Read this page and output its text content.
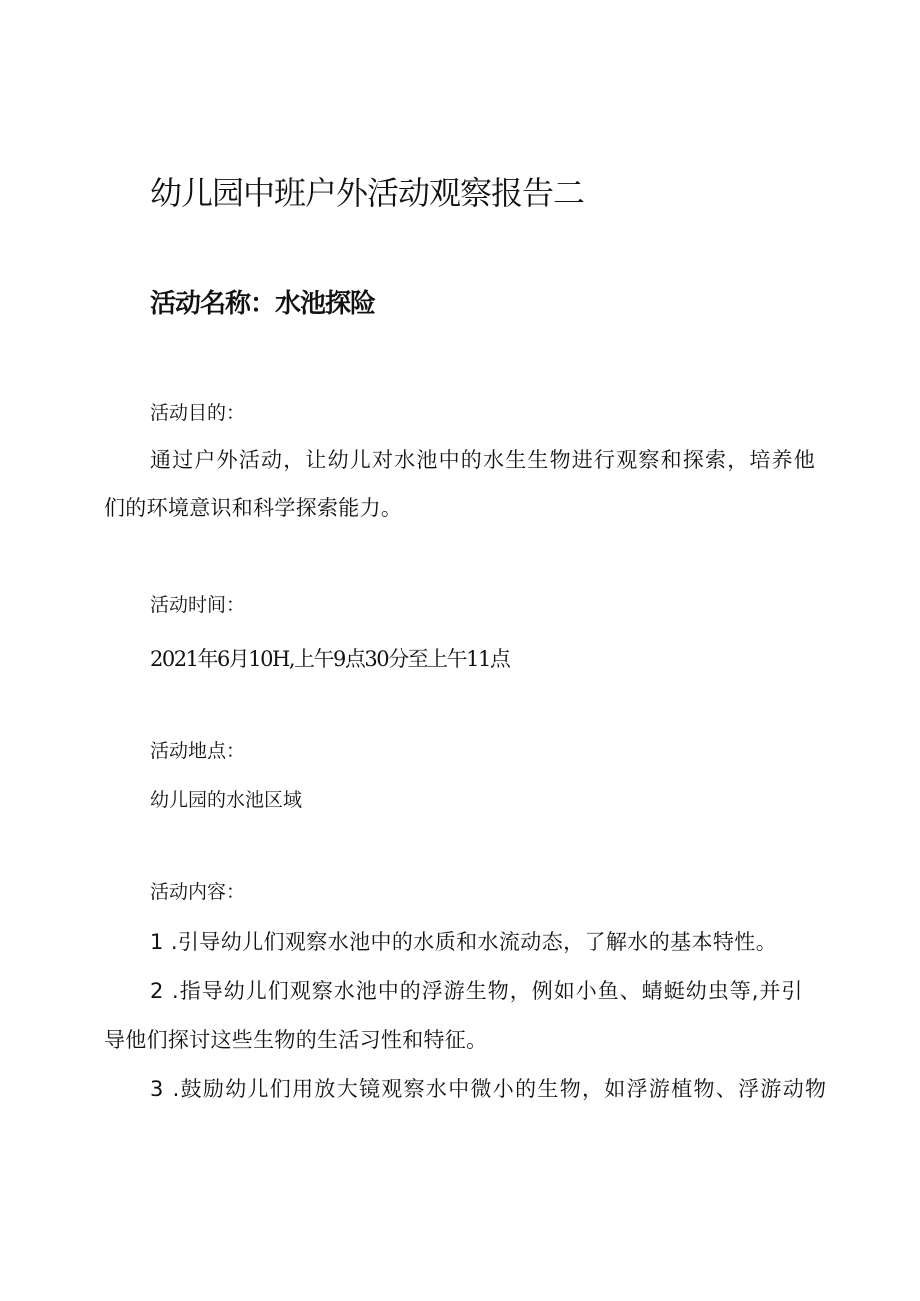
幼儿园中班户外活动观察报告二
活动名称：水池探险

活动目的：

通过户外活动，让幼儿对水池中的水生生物进行观察和探索，培养他

们的环境意识和科学探索能力。

活动时间：

2021年6月10H,上午9点30分至上午11点

活动地点：

幼儿园的水池区域

活动内容：

1 .引导幼儿们观察水池中的水质和水流动态，了解水的基本特性。

2 .指导幼儿们观察水池中的浮游生物，例如小鱼、蜻蜓幼虫等,并引

导他们探讨这些生物的生活习性和特征。

3 .鼓励幼儿们用放大镜观察水中微小的生物，如浮游植物、浮游动物
